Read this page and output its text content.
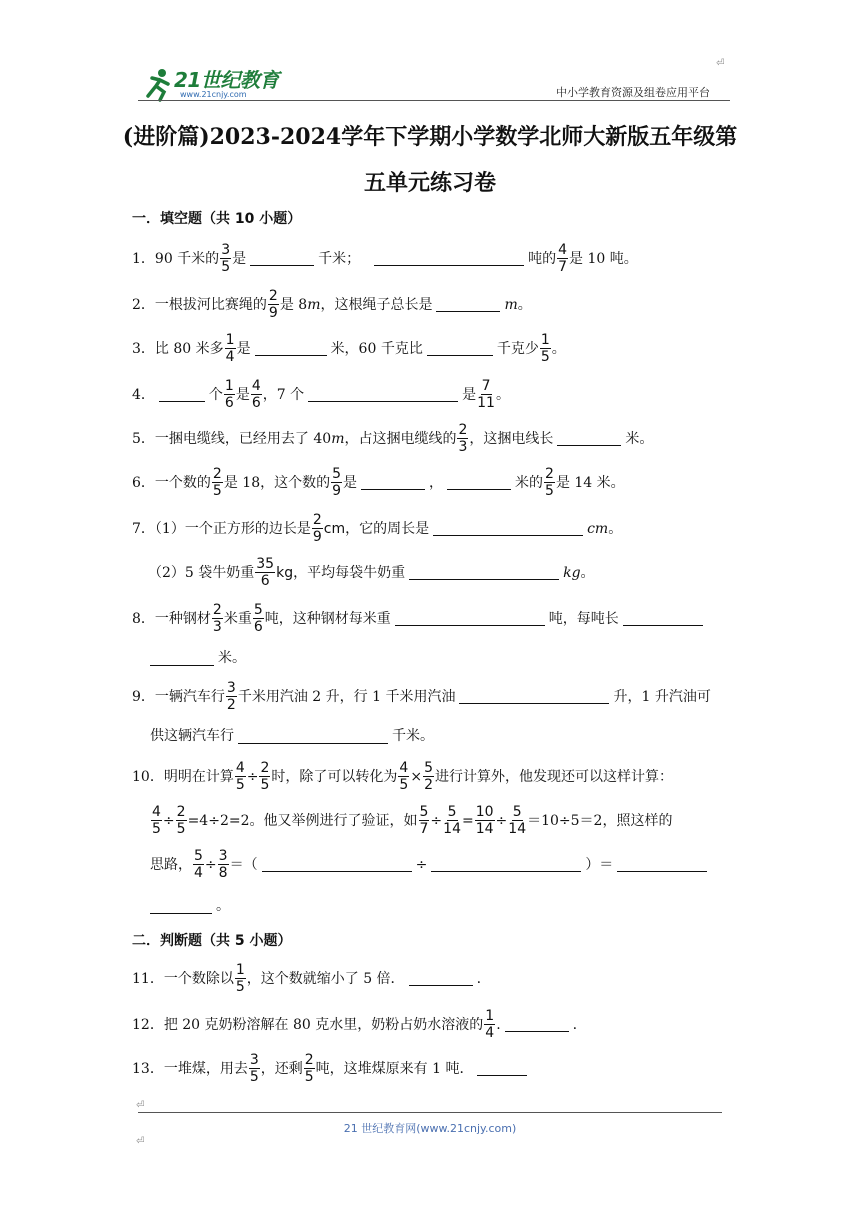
21世纪教育
www.21cnjy.com	中小学教育资源及组卷应用平台
⏎
(进阶篇)2023-2024学年下学期小学数学北师大新版五年级第
五单元练习卷
一．填空题（共 10 小题）
1． 90 千米的 $\frac{3}{5}$ 是	千米；	吨的 $\frac{4}{7}$ 是 10 吨。
2． 一根拔河比赛绳的 $\frac{2}{9}$ 是 8 m ，这根绳子总长是	m 。
3． 比 80 米多 $\frac{1}{4}$ 是	米，60 千克比	千克少 $\frac{1}{5}$ 。
4．	个 $\frac{1}{6}$ 是 $\frac{4}{6}$ ，7 个	是 $\frac{7}{11}$ 。
5． 一捆电缆线，已经用去了 40 m ，占这捆电缆线的 $\frac{2}{3}$ ，这捆电线长	米。
6． 一个数的 $\frac{2}{5}$ 是 18，这个数的 $\frac{5}{9}$ 是	，	米的 $\frac{2}{5}$ 是 14 米。
7．（1）一个正方形的边长是 $\frac{2}{9}$ cm ，它的周长是	cm 。
（2）5 袋牛奶重 $\frac{35}{6}$ kg ，平均每袋牛奶重	kg 。
8． 一种钢材 $\frac{2}{3}$ 米重 $\frac{5}{6}$ 吨，这种钢材每米重	吨，每吨长
米。
9． 一辆汽车行 $\frac{3}{2}$ 千米用汽油 2 升，行 1 千米用汽油	升，1 升汽油可
供这辆汽车行	千米。
10． 明明在计算 $\frac{4}{5} \div \frac{2}{5}$ 时，除了可以转化为 $\frac{4}{5} \times \frac{5}{2}$ 进行计算外，他发现还可以这样计算：
$\frac{4}{5} \div \frac{2}{5} =4\div 2=2$。他又举例进行了验证，如 $\frac{5}{7} \div \frac{5}{14} = \frac{10}{14} \div \frac{5}{14} =10\div 5=2$，照这样的
思路， $\frac{5}{4} \div \frac{3}{8}$ ＝（	÷	）＝
。
二．判断题（共 5 小题）
11． 一个数除以 $\frac{1}{5}$ ，这个数就缩小了 5 倍．	.
12． 把 20 克奶粉溶解在 80 克水里，奶粉占奶水溶液的 $\frac{1}{4}$ .	.
13． 一堆煤，用去 $\frac{3}{5}$ ，还剩 $\frac{2}{5}$ 吨，这堆煤原来有 1 吨．
21 世纪教育网(www.21cnjy.com)
⏎
⏎
